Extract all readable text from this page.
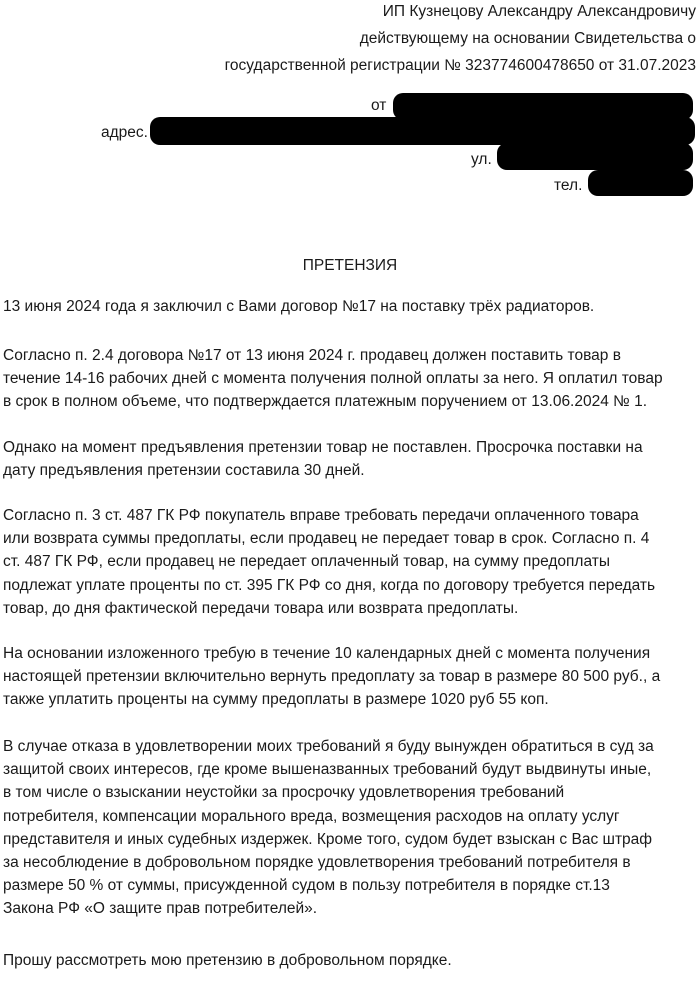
ИП Кузнецову Александру Александровичу
действующему на основании Свидетельства о
государственной регистрации № 323774600478650 от 31.07.2023
от
адрес.
ул.
тел.
ПРЕТЕНЗИЯ

13 июня 2024 года я заключил с Вами договор №17 на поставку трёх радиаторов.

Согласно п. 2.4 договора №17 от 13 июня 2024 г. продавец должен поставить товар в
течение 14-16 рабочих дней с момента получения полной оплаты за него. Я оплатил товар
в срок в полном объеме, что подтверждается платежным поручением от 13.06.2024 № 1.

Однако на момент предъявления претензии товар не поставлен. Просрочка поставки на
дату предъявления претензии составила 30 дней.

Согласно п. 3 ст. 487 ГК РФ покупатель вправе требовать передачи оплаченного товара
или возврата суммы предоплаты, если продавец не передает товар в срок. Согласно п. 4
ст. 487 ГК РФ, если продавец не передает оплаченный товар, на сумму предоплаты
подлежат уплате проценты по ст. 395 ГК РФ со дня, когда по договору требуется передать
товар, до дня фактической передачи товара или возврата предоплаты.

На основании изложенного требую в течение 10 календарных дней с момента получения
настоящей претензии включительно вернуть предоплату за товар в размере 80 500 руб., а
также уплатить проценты на сумму предоплаты в размере 1020 руб 55 коп.

В случае отказа в удовлетворении моих требований я буду вынужден обратиться в суд за
защитой своих интересов, где кроме вышеназванных требований будут выдвинуты иные,
в том числе о взыскании неустойки за просрочку удовлетворения требований
потребителя, компенсации морального вреда, возмещения расходов на оплату услуг
представителя и иных судебных издержек. Кроме того, судом будет взыскан с Вас штраф
за несоблюдение в добровольном порядке удовлетворения требований потребителя в
размере 50 % от суммы, присужденной судом в пользу потребителя в порядке ст.13
Закона РФ «О защите прав потребителей».

Прошу рассмотреть мою претензию в добровольном порядке.
